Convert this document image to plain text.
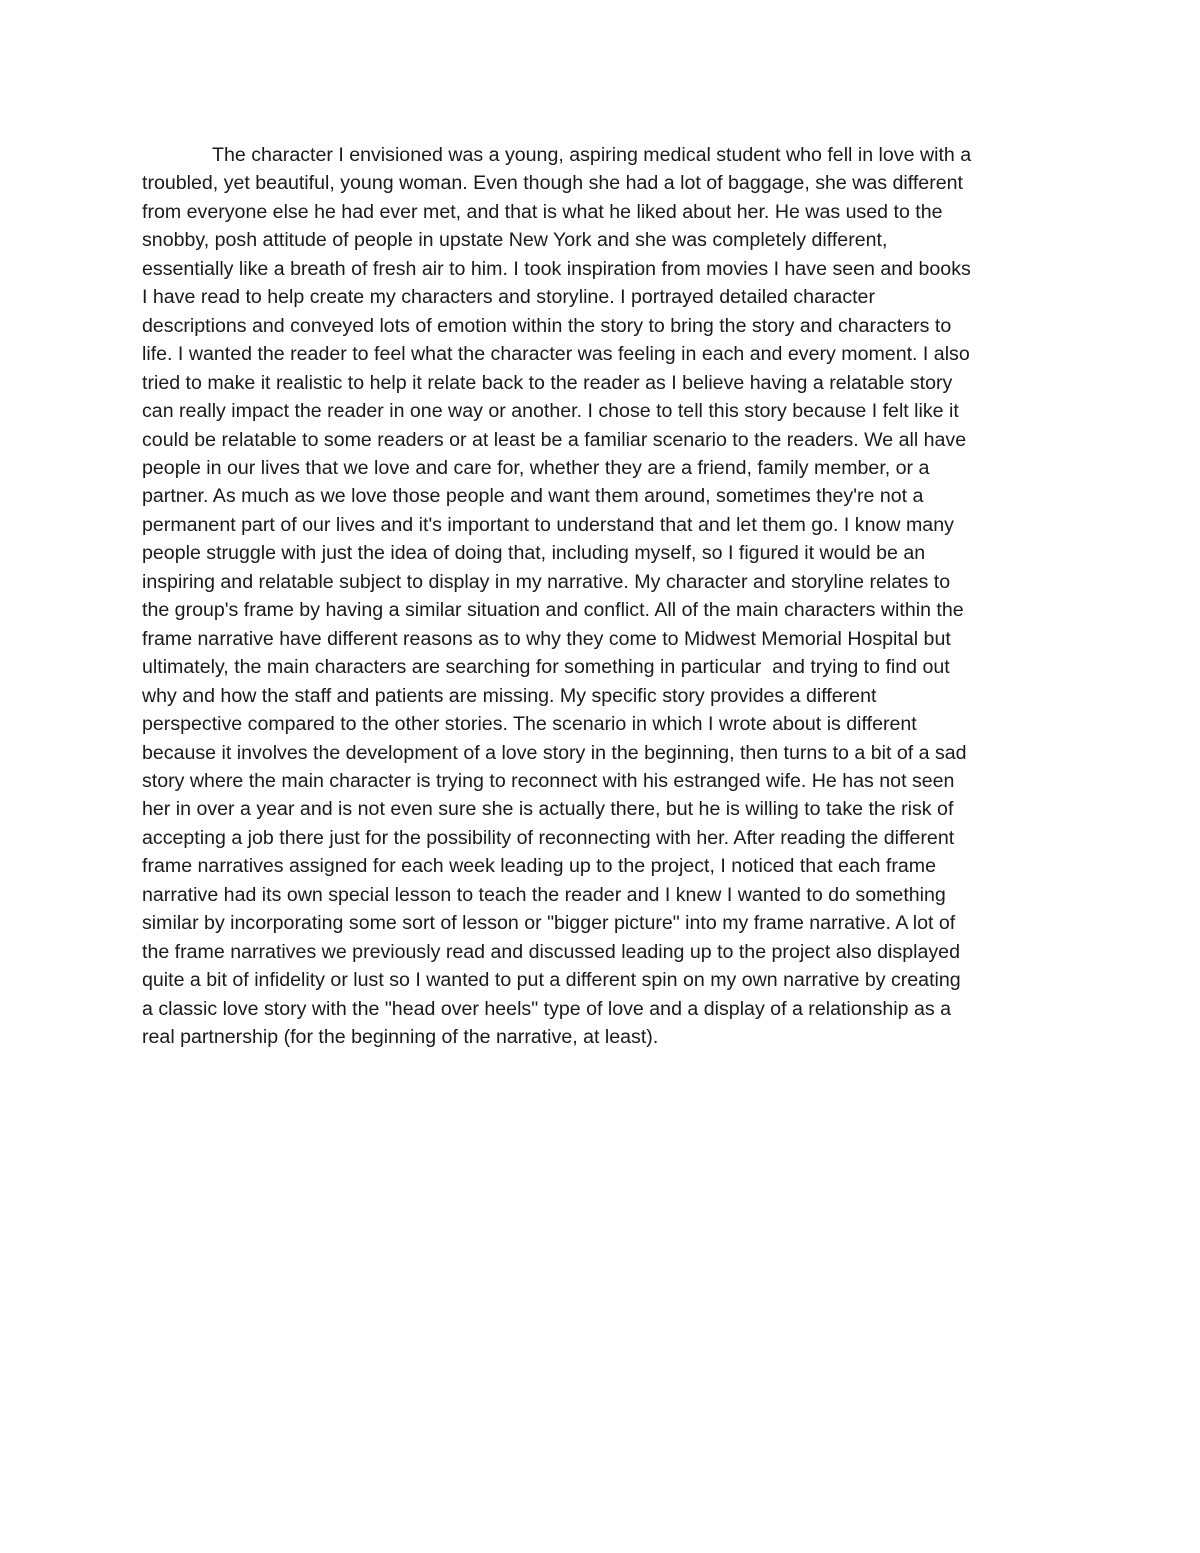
The character I envisioned was a young, aspiring medical student who fell in love with a
troubled, yet beautiful, young woman. Even though she had a lot of baggage, she was different
from everyone else he had ever met, and that is what he liked about her. He was used to the
snobby, posh attitude of people in upstate New York and she was completely different,
essentially like a breath of fresh air to him. I took inspiration from movies I have seen and books
I have read to help create my characters and storyline. I portrayed detailed character
descriptions and conveyed lots of emotion within the story to bring the story and characters to
life. I wanted the reader to feel what the character was feeling in each and every moment. I also
tried to make it realistic to help it relate back to the reader as I believe having a relatable story
can really impact the reader in one way or another. I chose to tell this story because I felt like it
could be relatable to some readers or at least be a familiar scenario to the readers. We all have
people in our lives that we love and care for, whether they are a friend, family member, or a
partner. As much as we love those people and want them around, sometimes they're not a
permanent part of our lives and it's important to understand that and let them go. I know many
people struggle with just the idea of doing that, including myself, so I figured it would be an
inspiring and relatable subject to display in my narrative. My character and storyline relates to
the group's frame by having a similar situation and conflict. All of the main characters within the
frame narrative have different reasons as to why they come to Midwest Memorial Hospital but
ultimately, the main characters are searching for something in particular  and trying to find out
why and how the staff and patients are missing. My specific story provides a different
perspective compared to the other stories. The scenario in which I wrote about is different
because it involves the development of a love story in the beginning, then turns to a bit of a sad
story where the main character is trying to reconnect with his estranged wife. He has not seen
her in over a year and is not even sure she is actually there, but he is willing to take the risk of
accepting a job there just for the possibility of reconnecting with her. After reading the different
frame narratives assigned for each week leading up to the project, I noticed that each frame
narrative had its own special lesson to teach the reader and I knew I wanted to do something
similar by incorporating some sort of lesson or "bigger picture" into my frame narrative. A lot of
the frame narratives we previously read and discussed leading up to the project also displayed
quite a bit of infidelity or lust so I wanted to put a different spin on my own narrative by creating
a classic love story with the "head over heels" type of love and a display of a relationship as a
real partnership (for the beginning of the narrative, at least).
